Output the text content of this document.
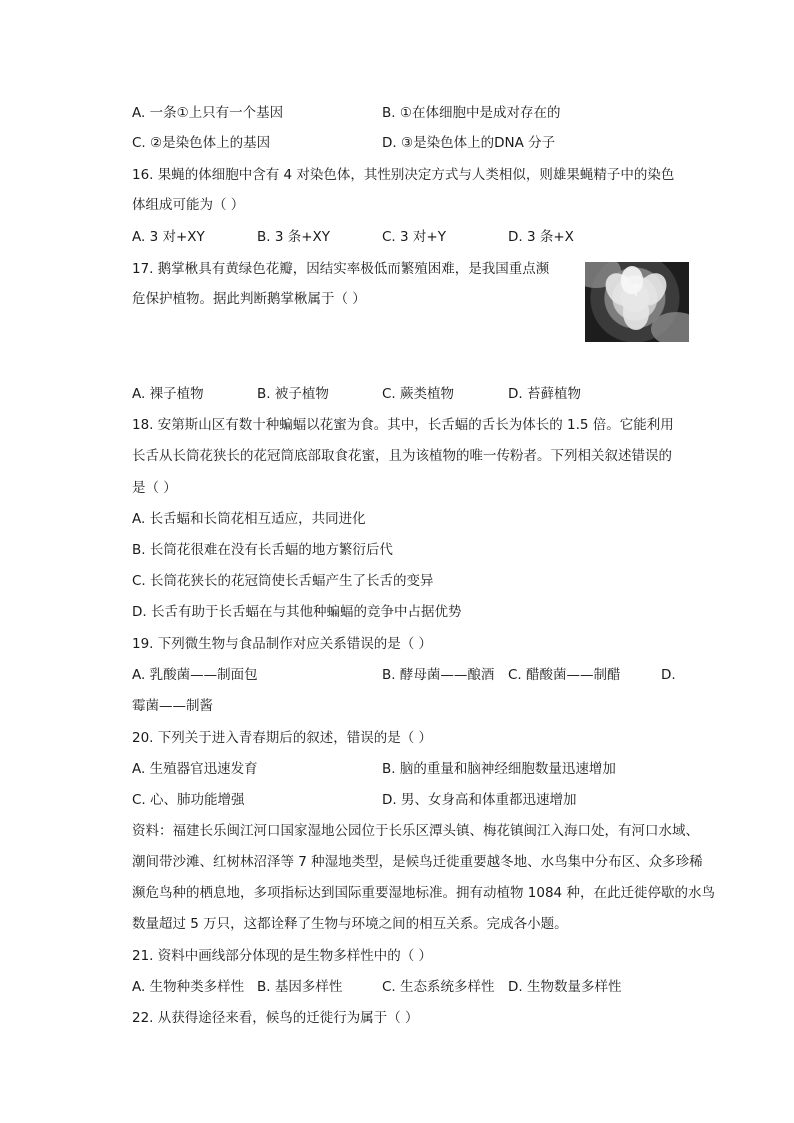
A. 一条①上只有一个基因	B. ①在体细胞中是成对存在的
C. ②是染色体上的基因	D. ③是染色体上的DNA 分子
16. 果蝇的体细胞中含有 4 对染色体，其性别决定方式与人类相似，则雄果蝇精子中的染色
体组成可能为（ ）
A. 3 对+XY	B. 3 条+XY	C. 3 对+Y	D. 3 条+X
17. 鹅掌楸具有黄绿色花瓣，因结实率极低而繁殖困难，是我国重点濒
危保护植物。据此判断鹅掌楸属于（ ）
A. 裸子植物	B. 被子植物	C. 蕨类植物	D. 苔藓植物
18. 安第斯山区有数十种蝙蝠以花蜜为食。其中，长舌蝠的舌长为体长的 1.5 倍。它能利用
长舌从长筒花狭长的花冠筒底部取食花蜜，且为该植物的唯一传粉者。下列相关叙述错误的
是（ ）
A. 长舌蝠和长筒花相互适应，共同进化
B. 长筒花很难在没有长舌蝠的地方繁衍后代
C. 长筒花狭长的花冠筒使长舌蝠产生了长舌的变异
D. 长舌有助于长舌蝠在与其他种蝙蝠的竞争中占据优势
19. 下列微生物与食品制作对应关系错误的是（ ）
A. 乳酸菌——制面包	B. 酵母菌——酿酒 C. 醋酸菌——制醋	D.
霉菌——制酱
20. 下列关于进入青春期后的叙述，错误的是（ ）
A. 生殖器官迅速发育	B. 脑的重量和脑神经细胞数量迅速增加
C. 心、肺功能增强	D. 男、女身高和体重都迅速增加
资料：福建长乐闽江河口国家湿地公园位于长乐区潭头镇、梅花镇闽江入海口处，有河口水域、
潮间带沙滩、红树林沼泽等 7 种湿地类型，是候鸟迁徙重要越冬地、水鸟集中分布区、众多珍稀
濒危鸟种的栖息地，多项指标达到国际重要湿地标准。拥有动植物 1084 种，在此迁徙停歇的水鸟
数量超过 5 万只，这都诠释了生物与环境之间的相互关系。完成各小题。
21. 资料中画线部分体现的是生物多样性中的（ ）
A. 生物种类多样性 B. 基因多样性	C. 生态系统多样性 D. 生物数量多样性
22. 从获得途径来看，候鸟的迁徙行为属于（ ）
